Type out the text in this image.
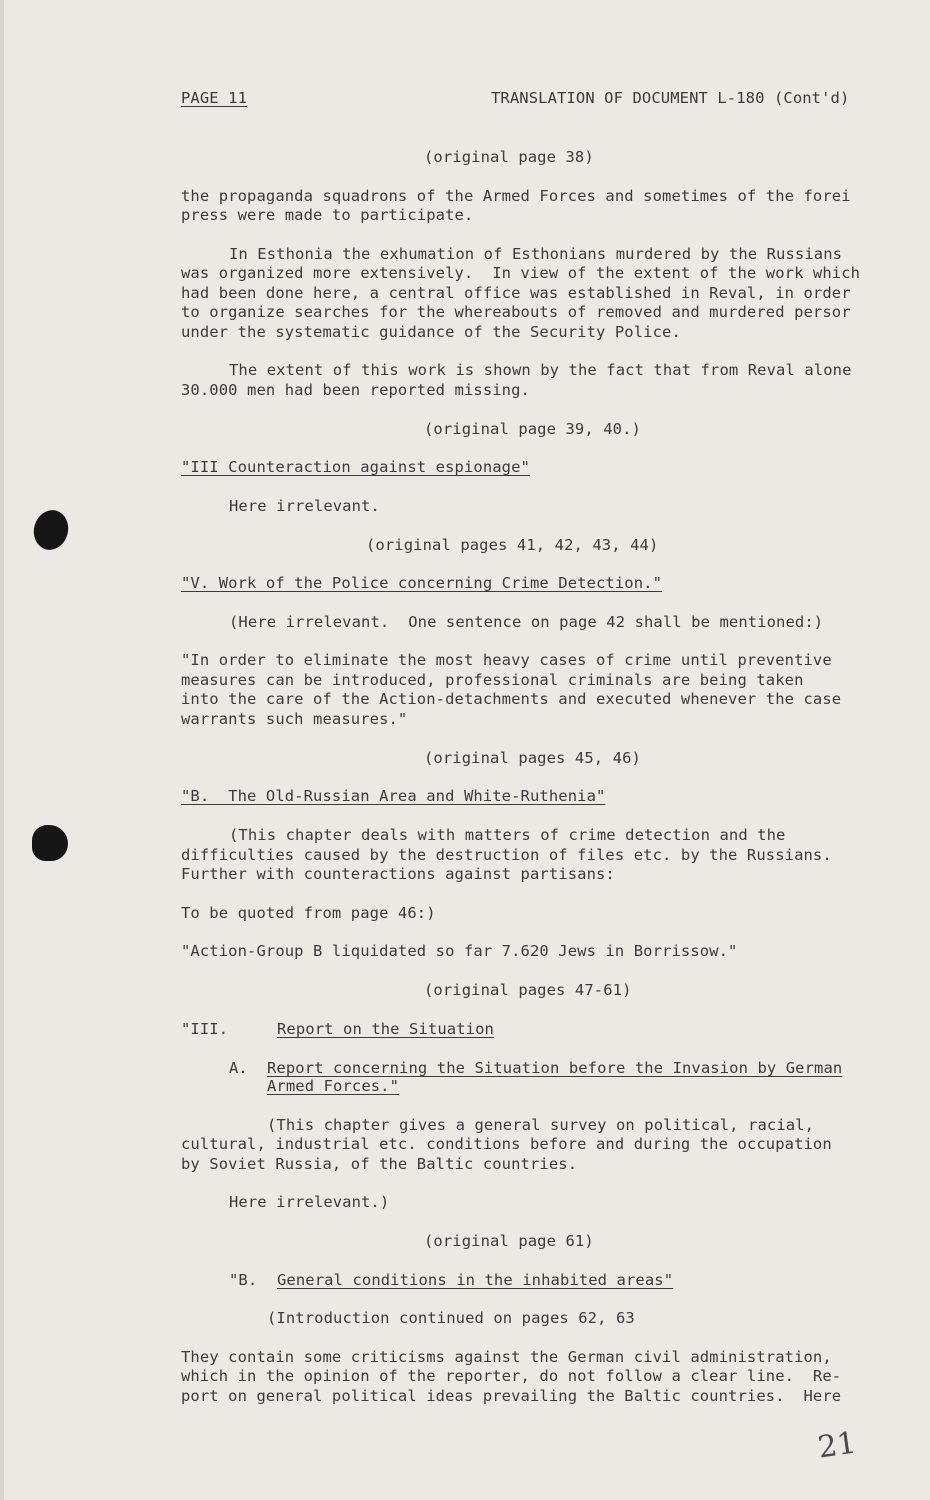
PAGE 11	TRANSLATION OF DOCUMENT L-180 (Cont'd)
(original page 38)
the propaganda squadrons of the Armed Forces and sometimes of the forei
press were made to participate.
In Esthonia the exhumation of Esthonians murdered by the Russians
was organized more extensively.  In view of the extent of the work which
had been done here, a central office was established in Reval, in order
to organize searches for the whereabouts of removed and murdered persor
under the systematic guidance of the Security Police.
The extent of this work is shown by the fact that from Reval alone
30.000 men had been reported missing.
(original page 39, 40.)
"III Counteraction against espionage"
Here irrelevant.
(original pages 41, 42, 43, 44)
"V. Work of the Police concerning Crime Detection."
(Here irrelevant.  One sentence on page 42 shall be mentioned:)
"In order to eliminate the most heavy cases of crime until preventive
measures can be introduced, professional criminals are being taken
into the care of the Action-detachments and executed whenever the case
warrants such measures."
(original pages 45, 46)
"B.  The Old-Russian Area and White-Ruthenia"
(This chapter deals with matters of crime detection and the
difficulties caused by the destruction of files etc. by the Russians.
Further with counteractions against partisans:
To be quoted from page 46:)
"Action-Group B liquidated so far 7.620 Jews in Borrissow."
(original pages 47-61)
"III.	Report on the Situation
A. Report concerning the Situation before the Invasion by German
Armed Forces."
(This chapter gives a general survey on political, racial,
cultural, industrial etc. conditions before and during the occupation
by Soviet Russia, of the Baltic countries.
Here irrelevant.)
(original page 61)
"B. General conditions in the inhabited areas"
(Introduction continued on pages 62, 63
They contain some criticisms against the German civil administration,
which in the opinion of the reporter, do not follow a clear line.  Re-
port on general political ideas prevailing the Baltic countries.  Here
21
